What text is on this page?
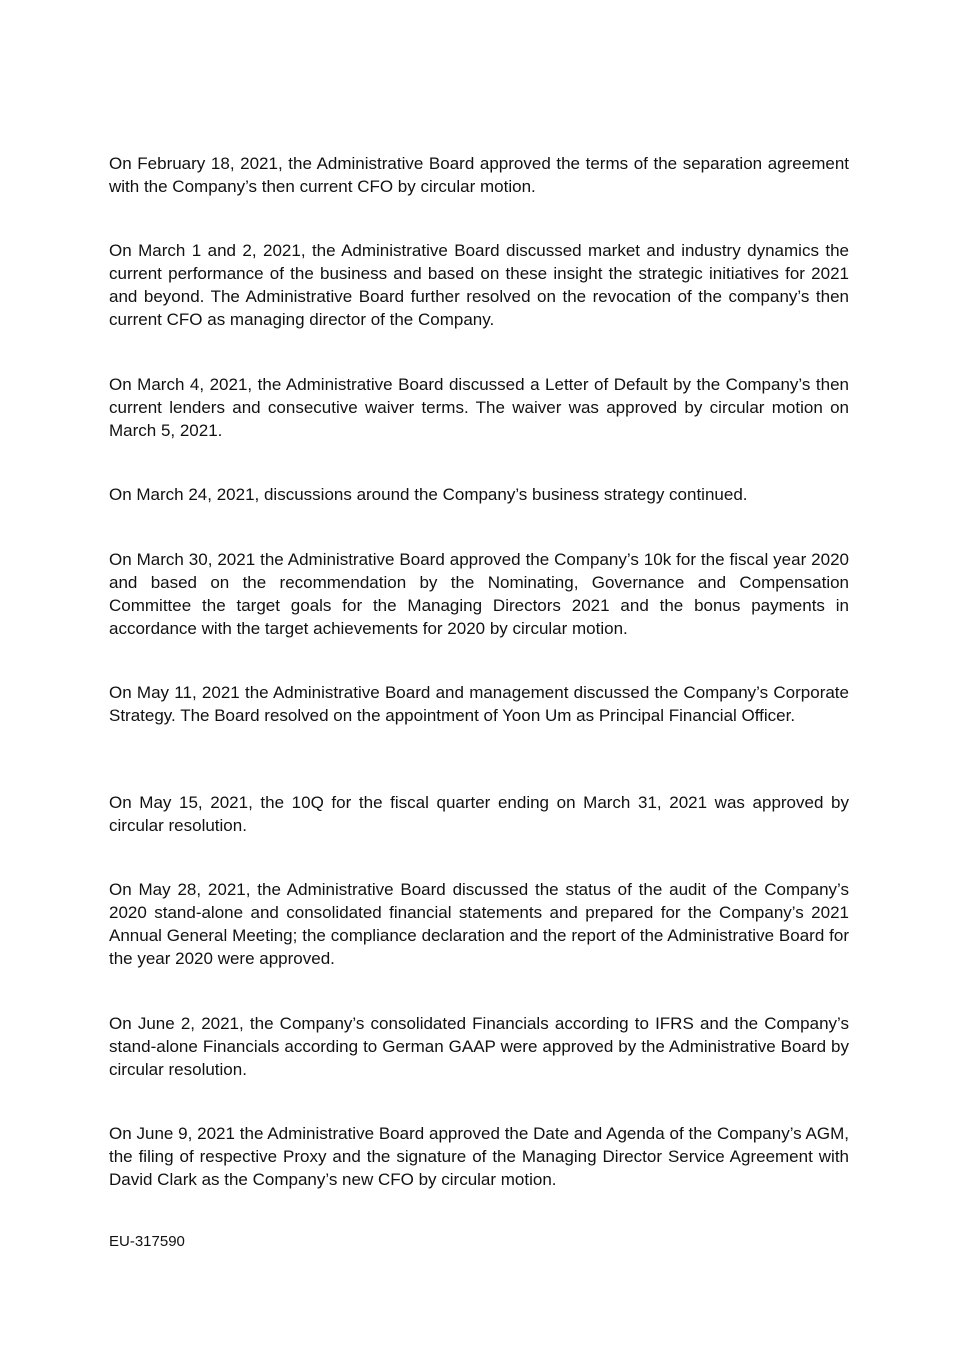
On February 18, 2021, the Administrative Board approved the terms of the separation agreement with the Company’s then current CFO by circular motion.

On March 1 and 2, 2021, the Administrative Board discussed market and industry dynamics the current performance of the business and based on these insight the strategic initiatives for 2021 and beyond. The Administrative Board further resolved on the revocation of the company’s then current CFO as managing director of the Company.

On March 4, 2021, the Administrative Board discussed a Letter of Default by the Company’s then current lenders and consecutive waiver terms. The waiver was approved by circular motion on March 5, 2021.

On March 24, 2021, discussions around the Company’s business strategy continued.

On March 30, 2021 the Administrative Board approved the Company’s 10k for the fiscal year 2020 and based on the recommendation by the Nominating, Governance and Compensation Committee the target goals for the Managing Directors 2021 and the bonus payments in accordance with the target achievements for 2020 by circular motion.

On May 11, 2021 the Administrative Board and management discussed the Company’s Corporate Strategy. The Board resolved on the appointment of Yoon Um as Principal Financial Officer.

On May 15, 2021, the 10Q for the fiscal quarter ending on March 31, 2021 was approved by circular resolution.

On May 28, 2021, the Administrative Board discussed the status of the audit of the Company’s 2020 stand-alone and consolidated financial statements and prepared for the Company’s 2021 Annual General Meeting; the compliance declaration and the report of the Administrative Board for the year 2020 were approved.

On June 2, 2021, the Company’s consolidated Financials according to IFRS and the Company’s stand-alone Financials according to German GAAP were approved by the Administrative Board by circular resolution.

On June 9, 2021 the Administrative Board approved the Date and Agenda of the Company’s AGM, the filing of respective Proxy and the signature of the Managing Director Service Agreement with David Clark as the Company’s new CFO by circular motion.

EU-317590
